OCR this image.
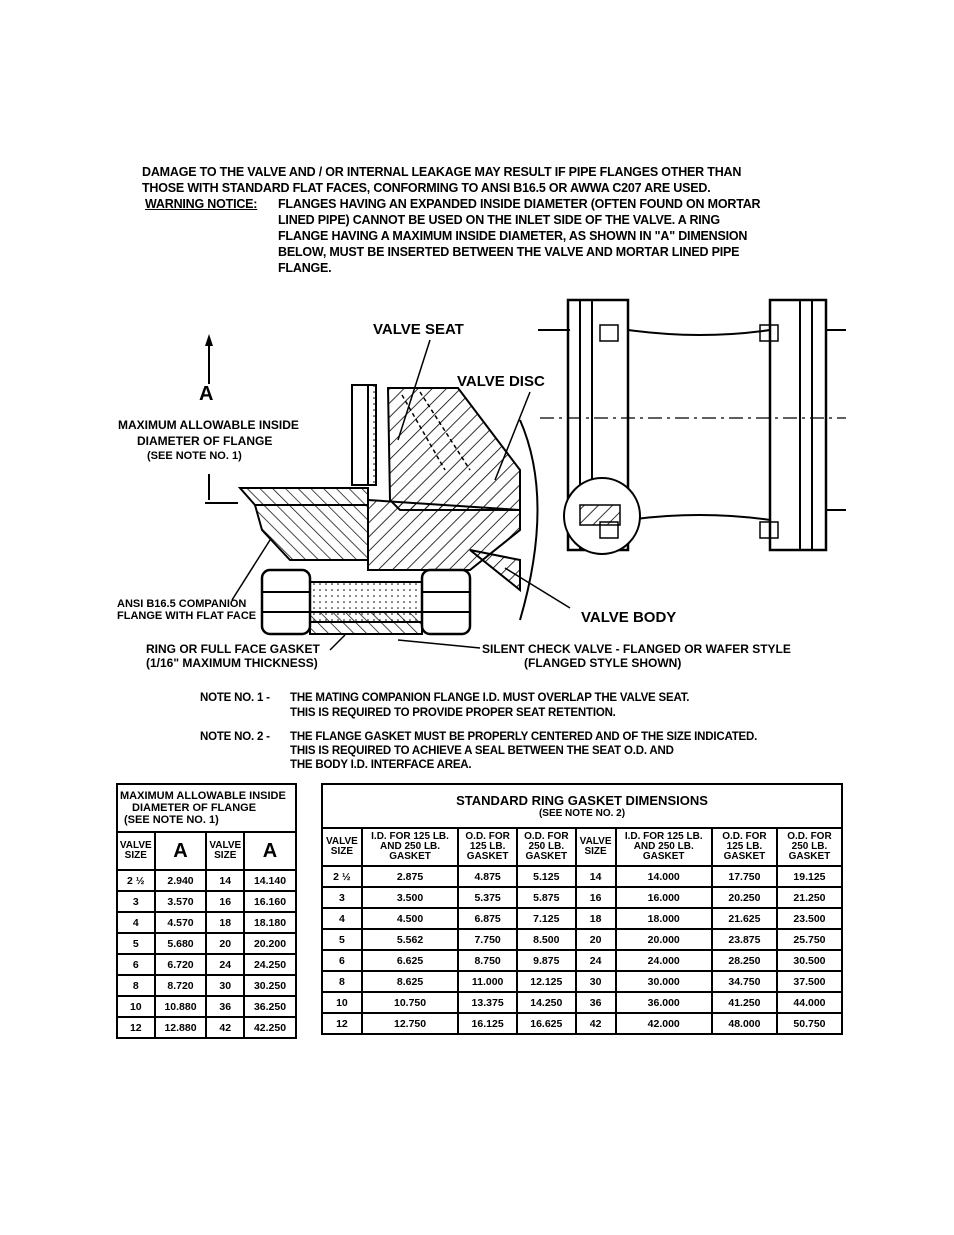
DAMAGE TO THE VALVE AND / OR INTERNAL LEAKAGE MAY RESULT IF PIPE FLANGES OTHER THAN
THOSE WITH STANDARD FLAT FACES, CONFORMING TO ANSI B16.5 OR AWWA C207 ARE USED.
WARNING NOTICE: FLANGES HAVING AN EXPANDED INSIDE DIAMETER (OFTEN FOUND ON MORTAR
LINED PIPE) CANNOT BE USED ON THE INLET SIDE OF THE VALVE. A RING
FLANGE HAVING A MAXIMUM INSIDE DIAMETER, AS SHOWN IN "A" DIMENSION
BELOW, MUST BE INSERTED BETWEEN THE VALVE AND MORTAR LINED PIPE
FLANGE.
A
MAXIMUM ALLOWABLE INSIDE
DIAMETER OF FLANGE
(SEE NOTE NO. 1)
VALVE SEAT
VALVE DISC
VALVE BODY
ANSI B16.5 COMPANION
FLANGE WITH FLAT FACE
RING OR FULL FACE GASKET
(1/16" MAXIMUM THICKNESS)
SILENT CHECK VALVE - FLANGED OR WAFER STYLE
(FLANGED STYLE SHOWN)
NOTE NO. 1 - THE MATING COMPANION FLANGE I.D. MUST OVERLAP THE VALVE SEAT.
THIS IS REQUIRED TO PROVIDE PROPER SEAT RETENTION.
NOTE NO. 2 - THE FLANGE GASKET MUST BE PROPERLY CENTERED AND OF THE SIZE INDICATED.
THIS IS REQUIRED TO ACHIEVE A SEAL BETWEEN THE SEAT O.D. AND
THE BODY I.D. INTERFACE AREA.
MAXIMUM ALLOWABLE INSIDE
DIAMETER OF FLANGE
(SEE NOTE NO. 1)			

VALVE SIZE	A	VALVE SIZE	A
2 ½	2.940	14	14.140
3	3.570	16	16.160
4	4.570	18	18.180
5	5.680	20	20.200
6	6.720	24	24.250
8	8.720	30	30.250
10	10.880	36	36.250
12	12.880	42	42.250
STANDARD RING GASKET DIMENSIONS
(SEE NOTE NO. 2)							

VALVE SIZE	I.D. FOR 125 LB. AND 250 LB. GASKET	O.D. FOR 125 LB. GASKET	O.D. FOR 250 LB. GASKET	VALVE SIZE	I.D. FOR 125 LB. AND 250 LB. GASKET	O.D. FOR 125 LB. GASKET	O.D. FOR 250 LB. GASKET
2 ½	2.875	4.875	5.125	14	14.000	17.750	19.125
3	3.500	5.375	5.875	16	16.000	20.250	21.250
4	4.500	6.875	7.125	18	18.000	21.625	23.500
5	5.562	7.750	8.500	20	20.000	23.875	25.750
6	6.625	8.750	9.875	24	24.000	28.250	30.500
8	8.625	11.000	12.125	30	30.000	34.750	37.500
10	10.750	13.375	14.250	36	36.000	41.250	44.000
12	12.750	16.125	16.625	42	42.000	48.000	50.750
